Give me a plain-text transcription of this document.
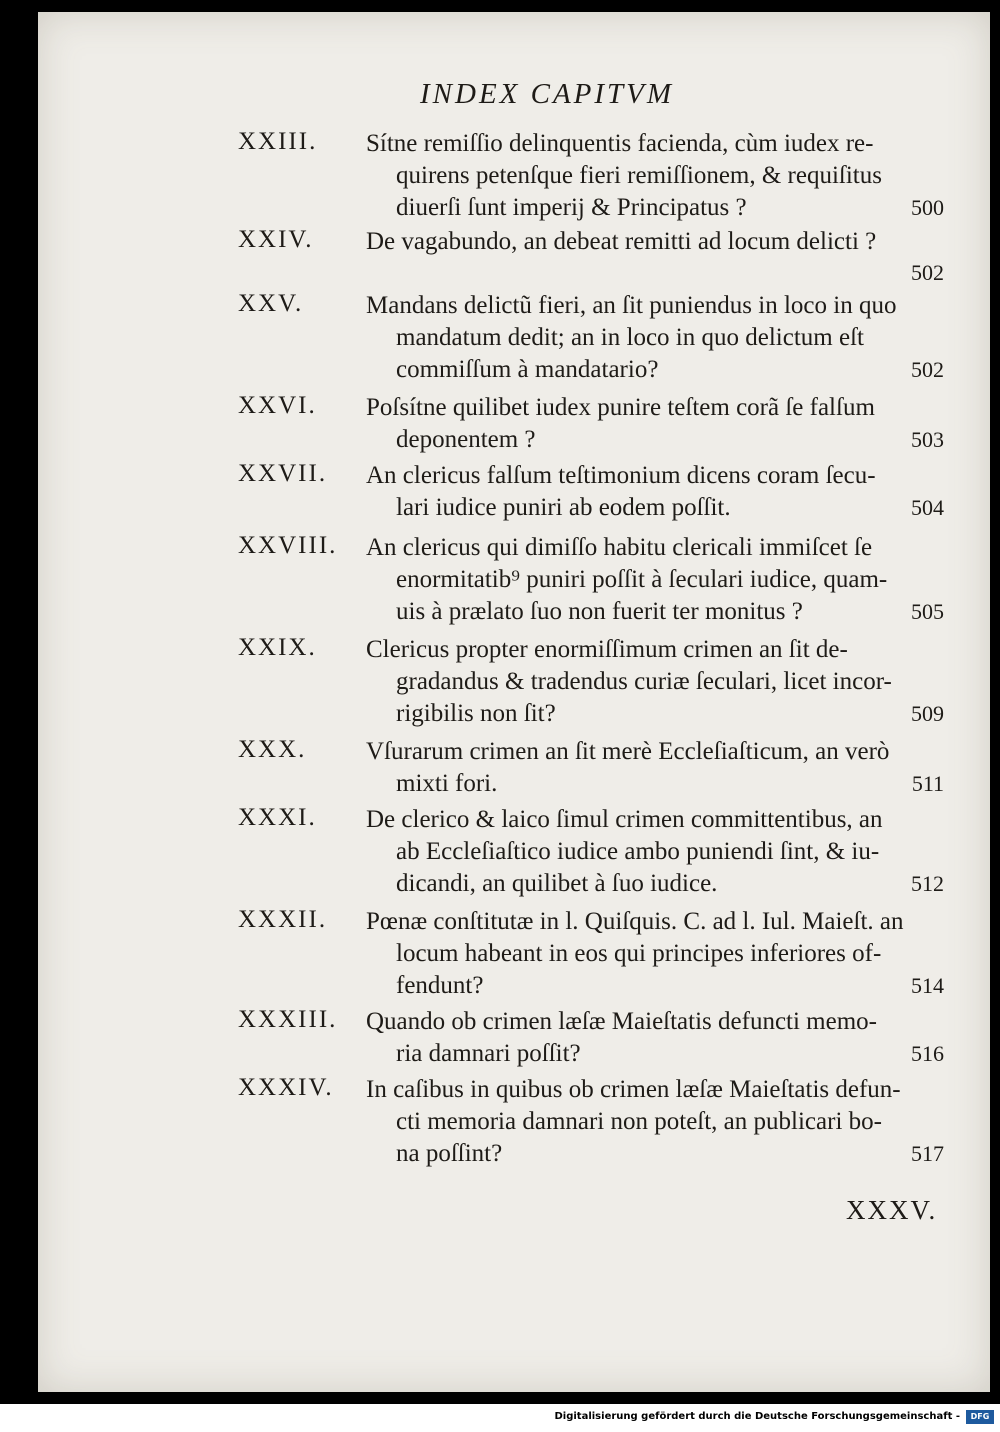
INDEX CAPITVM
XXIII.	Sítne remiſſio delinquentis facienda, cùm iudex re-
quirens petenſque fieri remiſſionem, & requiſitus
diuerſi ſunt imperij & Principatus ?	500
XXIV.	De vagabundo, an debeat remitti ad locum delicti ?
502
XXV.	Mandans delictũ fieri, an ſit puniendus in loco in quo
mandatum dedit; an in loco in quo delictum eſt
commiſſum à mandatario?	502
XXVI.	Poſsítne quilibet iudex punire teſtem corã ſe falſum
deponentem ?	503
XXVII.	An clericus falſum teſtimonium dicens coram ſecu-
lari iudice puniri ab eodem poſſit.	504
XXVIII.	An clericus qui dimiſſo habitu clericali immiſcet ſe
enormitatib⁹ puniri poſſit à ſeculari iudice, quam-
uis à prælato ſuo non fuerit ter monitus ?	505
XXIX.	Clericus propter enormiſſimum crimen an ſit de-
gradandus & tradendus curiæ ſeculari, licet incor-
rigibilis non ſit?	509
XXX.	Vſurarum crimen an ſit merè Eccleſiaſticum, an verò
mixti fori.	511
XXXI.	De clerico & laico ſimul crimen committentibus, an
ab Eccleſiaſtico iudice ambo puniendi ſint, & iu-
dicandi, an quilibet à ſuo iudice.	512
XXXII.	Pœnæ conſtitutæ in l. Quiſquis. C. ad l. Iul. Maieſt. an
locum habeant in eos qui principes inferiores of-
fendunt?	514
XXXIII.	Quando ob crimen læſæ Maieſtatis defuncti memo-
ria damnari poſſit?	516
XXXIV.	In caſibus in quibus ob crimen læſæ Maieſtatis defun-
cti memoria damnari non poteſt, an publicari bo-
na poſſint?	517
XXXV.
Digitalisierung gefördert durch die Deutsche Forschungsgemeinschaft -	DFG
